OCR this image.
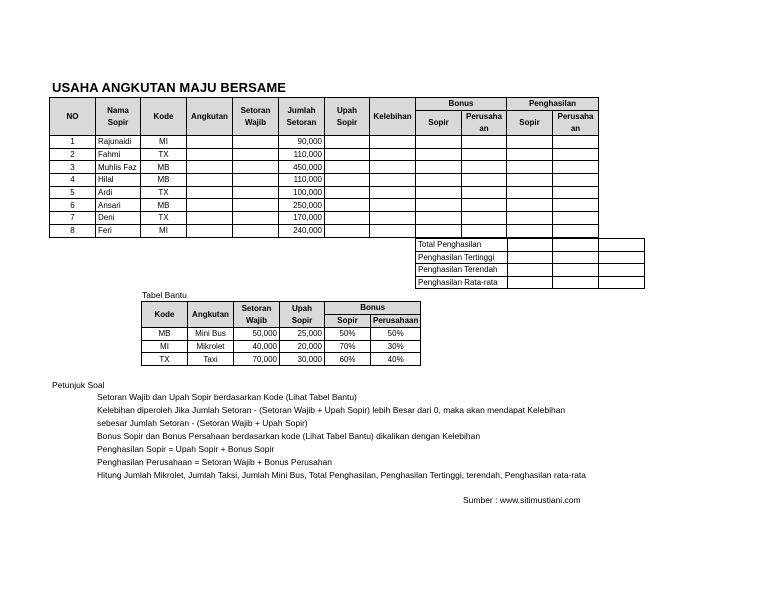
USAHA ANGKUTAN MAJU BERSAME
NO	Nama Sopir	Kode	Angkutan	Setoran Wajib	Jumlah Setoran	Upah Sopir	Kelebihan	Bonus		Penghasilan	
								Sopir	Perusaha an	Sopir	Perusaha an
1	Rajunaidi	MI			90,000						
2	Fahmi	TX			110,000						
3	Muhlis Faz	MB			450,000						
4	Hilal	MB			110,000						
5	Ardi	TX			100,000						
6	Ansari	MB			250,000						
7	Deni	TX			170,000						
8	Feri	MI			240,000						
Total Penghasilan			
Penghasilan Tertinggi			
Penghasilan Terendah			
Penghasilan Rata-rata			
Tabel Bantu
Kode	Angkutan	Setoran Wajib	Upah Sopir	Bonus	
				Sopir	Perusahaan
MB	Mini Bus	50,000	25,000	50%	50%
MI	Mikrolet	40,000	20,000	70%	30%
TX	Taxi	70,000	30,000	60%	40%
Petunjuk Soal
Setoran Wajib dan Upah Sopir berdasarkan Kode (Lihat Tabel Bantu)
Kelebihan diperoleh Jika Jumlah Setoran - (Setoran Wajib + Upah Sopir) lebih Besar dari 0, maka akan mendapat Kelebihan
sebesar Jumlah Setoran - (Setoran Wajib + Upah Sopir)
Bonus Sopir dan Bonus Persahaan berdasarkan kode (Lihat Tabel Bantu) dikalikan dengan Kelebihan
Penghasilan Sopir = Upah Sopir + Bonus Sopir
Penghasilan Perusahaan = Setoran Wajib + Bonus Perusahan
Hitung Jumlah Mikrolet, Jumlah Taksi, Jumlah Mini Bus, Total Penghasilan, Penghasilan Tertinggi, terendah, Penghasilan rata-rata
Sumber : www.sitimustiani.com
